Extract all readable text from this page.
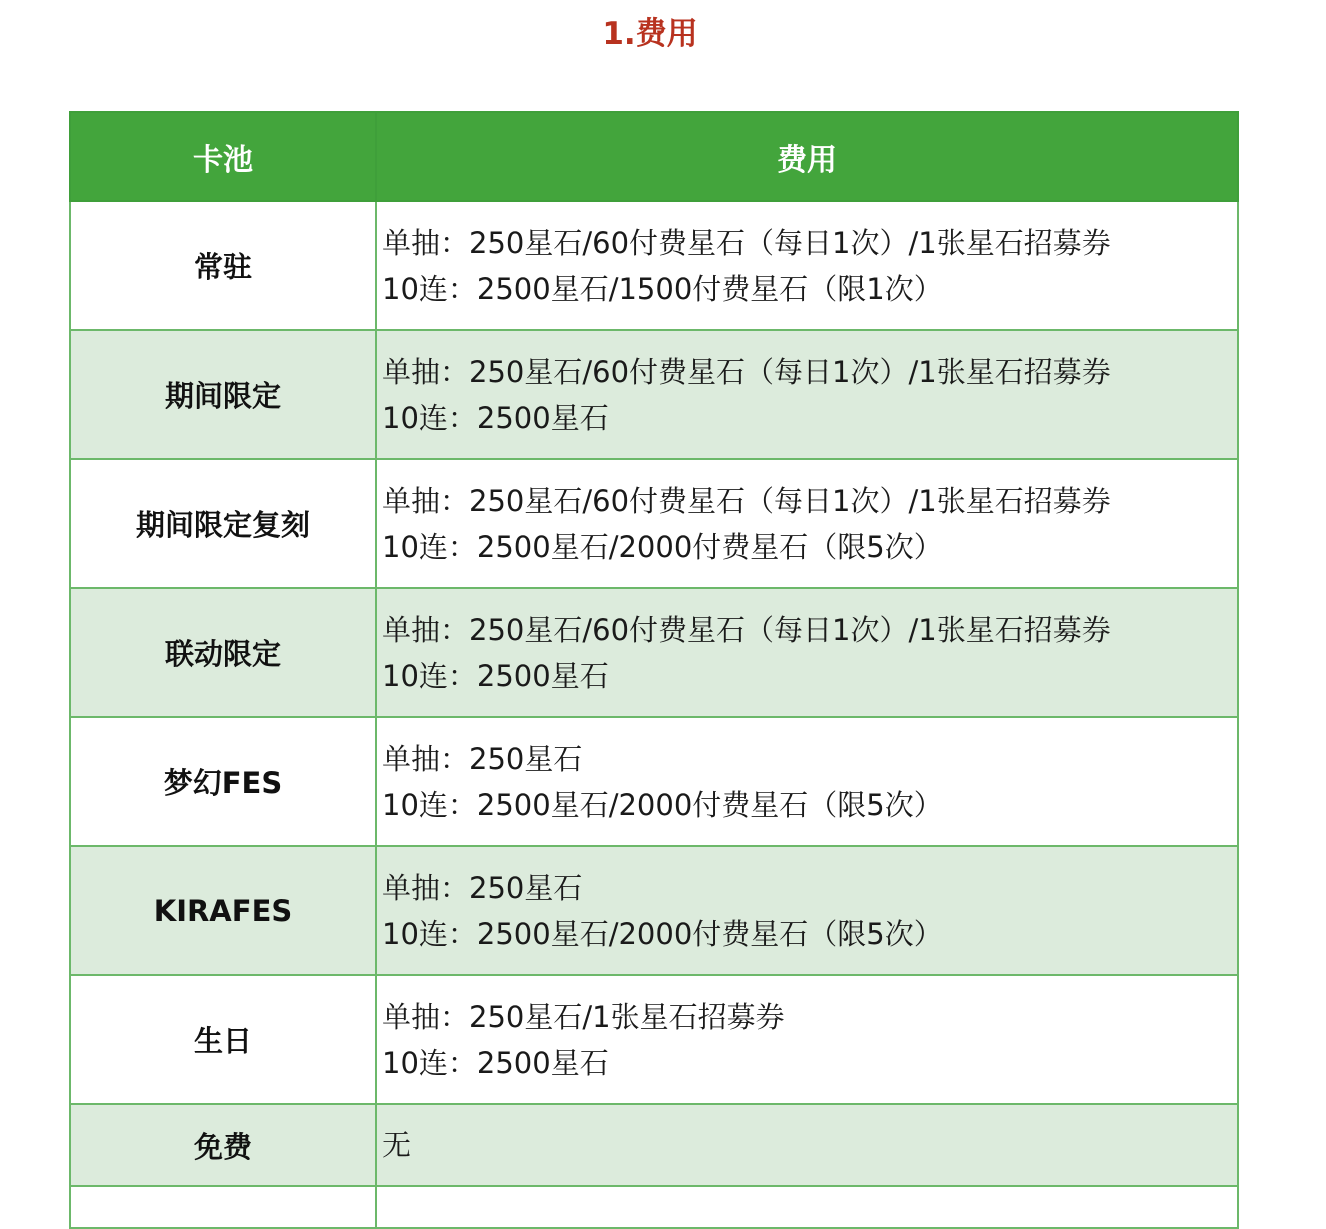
1.费用
卡池	费用
常驻	单抽：250星石/60付费星石（每日1次）/1张星石招募券
10连：2500星石/1500付费星石（限1次）

期间限定	单抽：250星石/60付费星石（每日1次）/1张星石招募券
10连：2500星石

期间限定复刻	单抽：250星石/60付费星石（每日1次）/1张星石招募券
10连：2500星石/2000付费星石（限5次）

联动限定	单抽：250星石/60付费星石（每日1次）/1张星石招募券
10连：2500星石

梦幻FES	单抽：250星石
10连：2500星石/2000付费星石（限5次）

KIRAFES	单抽：250星石
10连：2500星石/2000付费星石（限5次）

生日	单抽：250星石/1张星石招募券
10连：2500星石

免费	无
